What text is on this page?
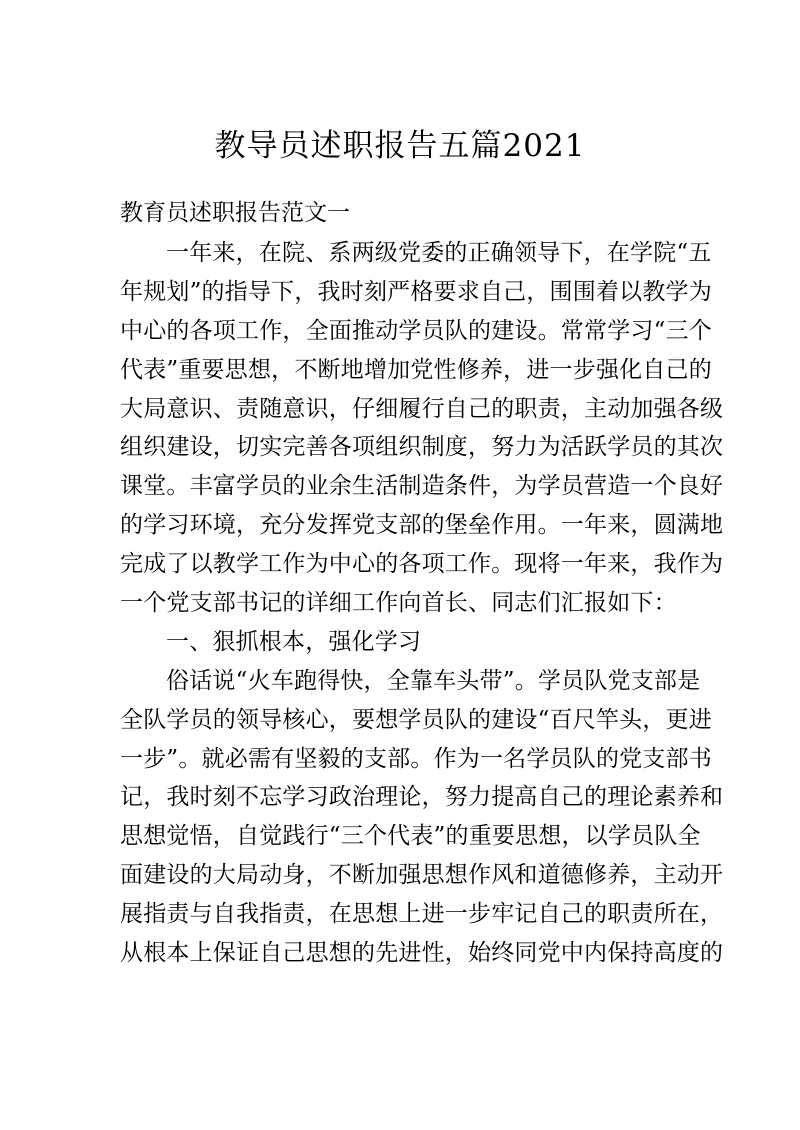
教导员述职报告五篇2021
教育员述职报告范文一
一年来，在院、系两级党委的正确领导下，在学院“五
年规划”的指导下，我时刻严格要求自己，围围着以教学为
中心的各项工作，全面推动学员队的建设。常常学习“三个
代表”重要思想，不断地增加党性修养，进一步强化自己的
大局意识、责随意识，仔细履行自己的职责，主动加强各级
组织建设，切实完善各项组织制度，努力为活跃学员的其次
课堂。丰富学员的业余生活制造条件，为学员营造一个良好
的学习环境，充分发挥党支部的堡垒作用。一年来，圆满地
完成了以教学工作为中心的各项工作。现将一年来，我作为
一个党支部书记的详细工作向首长、同志们汇报如下：
一、狠抓根本，强化学习
俗话说“火车跑得快，全靠车头带”。学员队党支部是
全队学员的领导核心，要想学员队的建设“百尺竿头，更进
一步”。就必需有坚毅的支部。作为一名学员队的党支部书
记，我时刻不忘学习政治理论，努力提高自己的理论素养和
思想觉悟，自觉践行“三个代表”的重要思想，以学员队全
面建设的大局动身，不断加强思想作风和道德修养，主动开
展指责与自我指责，在思想上进一步牢记自己的职责所在，
从根本上保证自己思想的先进性，始终同党中内保持高度的
